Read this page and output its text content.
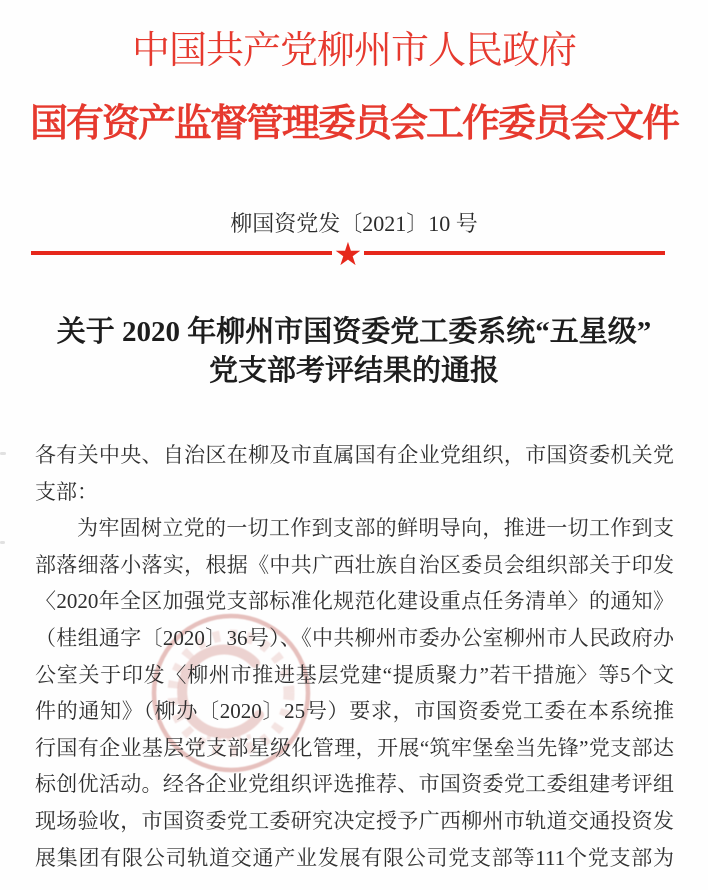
中国共产党柳州市人民政府
国有资产监督管理委员会工作委员会文件
柳国资党发〔2021〕10 号
★
关于 2020 年柳州市国资委党工委系统“五星级”
党支部考评结果的通报
各有关中央、自治区在柳及市直属国有企业党组织，市国资委机关党
支部：
为牢固树立党的一切工作到支部的鲜明导向，推进一切工作到支
部落细落小落实，根据《中共广西壮族自治区委员会组织部关于印发
〈2020年全区加强党支部标准化规范化建设重点任务清单〉的通知》
（桂组通字〔2020〕36号）、《中共柳州市委办公室柳州市人民政府办
公室关于印发〈柳州市推进基层党建“提质聚力”若干措施〉等5个文
件的通知》（柳办〔2020〕25号）要求，市国资委党工委在本系统推
行国有企业基层党支部星级化管理，开展“筑牢堡垒当先锋”党支部达
标创优活动。经各企业党组织评选推荐、市国资委党工委组建考评组
现场验收，市国资委党工委研究决定授予广西柳州市轨道交通投资发
展集团有限公司轨道交通产业发展有限公司党支部等111个党支部为
